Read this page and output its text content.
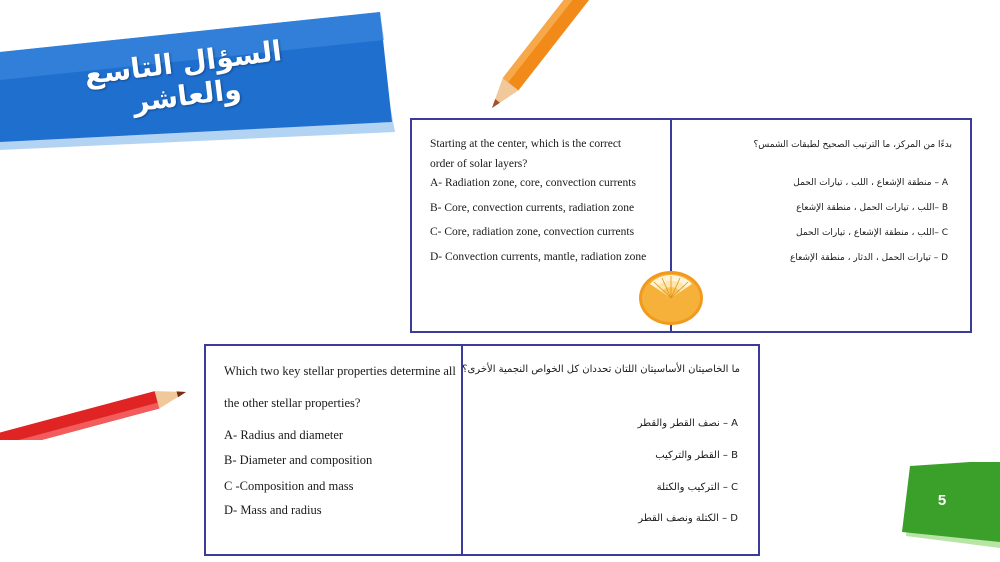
السؤال التاسع والعاشر
Starting at the center, which is the correct
order of solar layers?
A- Radiation zone, core, convection currents
B- Core, convection currents, radiation zone
C- Core, radiation zone, convection currents
D- Convection currents, mantle, radiation zone
بدءًا من المركز، ما الترتيب الصحيح لطبقات الشمس؟
A – منطقة الإشعاع ، اللب ، تيارات الحمل
B –اللب ، تيارات الحمل ، منطقة الإشعاع
C –اللب ، منطقة الإشعاع ، تيارات الحمل
D – تيارات الحمل ، الدثار ، منطقة الإشعاع
Which two key stellar properties determine all
the other stellar properties?
A- Radius and diameter
B- Diameter and composition
C -Composition and mass
D- Mass and radius
ما الخاصيتان الأساسيتان اللتان تحددان كل الخواص النجمية الأخرى؟
A – نصف القطر والقطر
B – القطر والتركيب
C – التركيب والكتلة
D – الكتلة ونصف القطر
5
